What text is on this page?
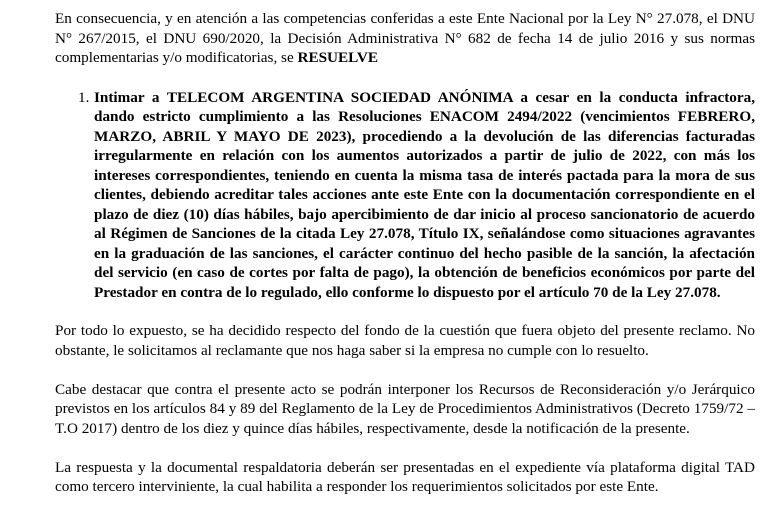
En consecuencia, y en atención a las competencias conferidas a este Ente Nacional por la Ley N° 27.078, el DNU N° 267/2015, el DNU 690/2020, la Decisión Administrativa N° 682 de fecha 14 de julio 2016 y sus normas complementarias y/o modificatorias, se RESUELVE

1. Intimar a TELECOM ARGENTINA SOCIEDAD ANÓNIMA a cesar en la conducta infractora, dando estricto cumplimiento a las Resoluciones ENACOM 2494/2022 (vencimientos FEBRERO, MARZO, ABRIL Y MAYO DE 2023), procediendo a la devolución de las diferencias facturadas irregularmente en relación con los aumentos autorizados a partir de julio de 2022, con más los intereses correspondientes, teniendo en cuenta la misma tasa de interés pactada para la mora de sus clientes, debiendo acreditar tales acciones ante este Ente con la documentación correspondiente en el plazo de diez (10) días hábiles, bajo apercibimiento de dar inicio al proceso sancionatorio de acuerdo al Régimen de Sanciones de la citada Ley 27.078, Título IX, señalándose como situaciones agravantes en la graduación de las sanciones, el carácter continuo del hecho pasible de la sanción, la afectación del servicio (en caso de cortes por falta de pago), la obtención de beneficios económicos por parte del Prestador en contra de lo regulado, ello conforme lo dispuesto por el artículo 70 de la Ley 27.078.

Por todo lo expuesto, se ha decidido respecto del fondo de la cuestión que fuera objeto del presente reclamo. No obstante, le solicitamos al reclamante que nos haga saber si la empresa no cumple con lo resuelto.

Cabe destacar que contra el presente acto se podrán interponer los Recursos de Reconsideración y/o Jerárquico previstos en los artículos 84 y 89 del Reglamento de la Ley de Procedimientos Administrativos (Decreto 1759/72 – T.O 2017) dentro de los diez y quince días hábiles, respectivamente, desde la notificación de la presente.

La respuesta y la documental respaldatoria deberán ser presentadas en el expediente vía plataforma digital TAD como tercero interviniente, la cual habilita a responder los requerimientos solicitados por este Ente.
